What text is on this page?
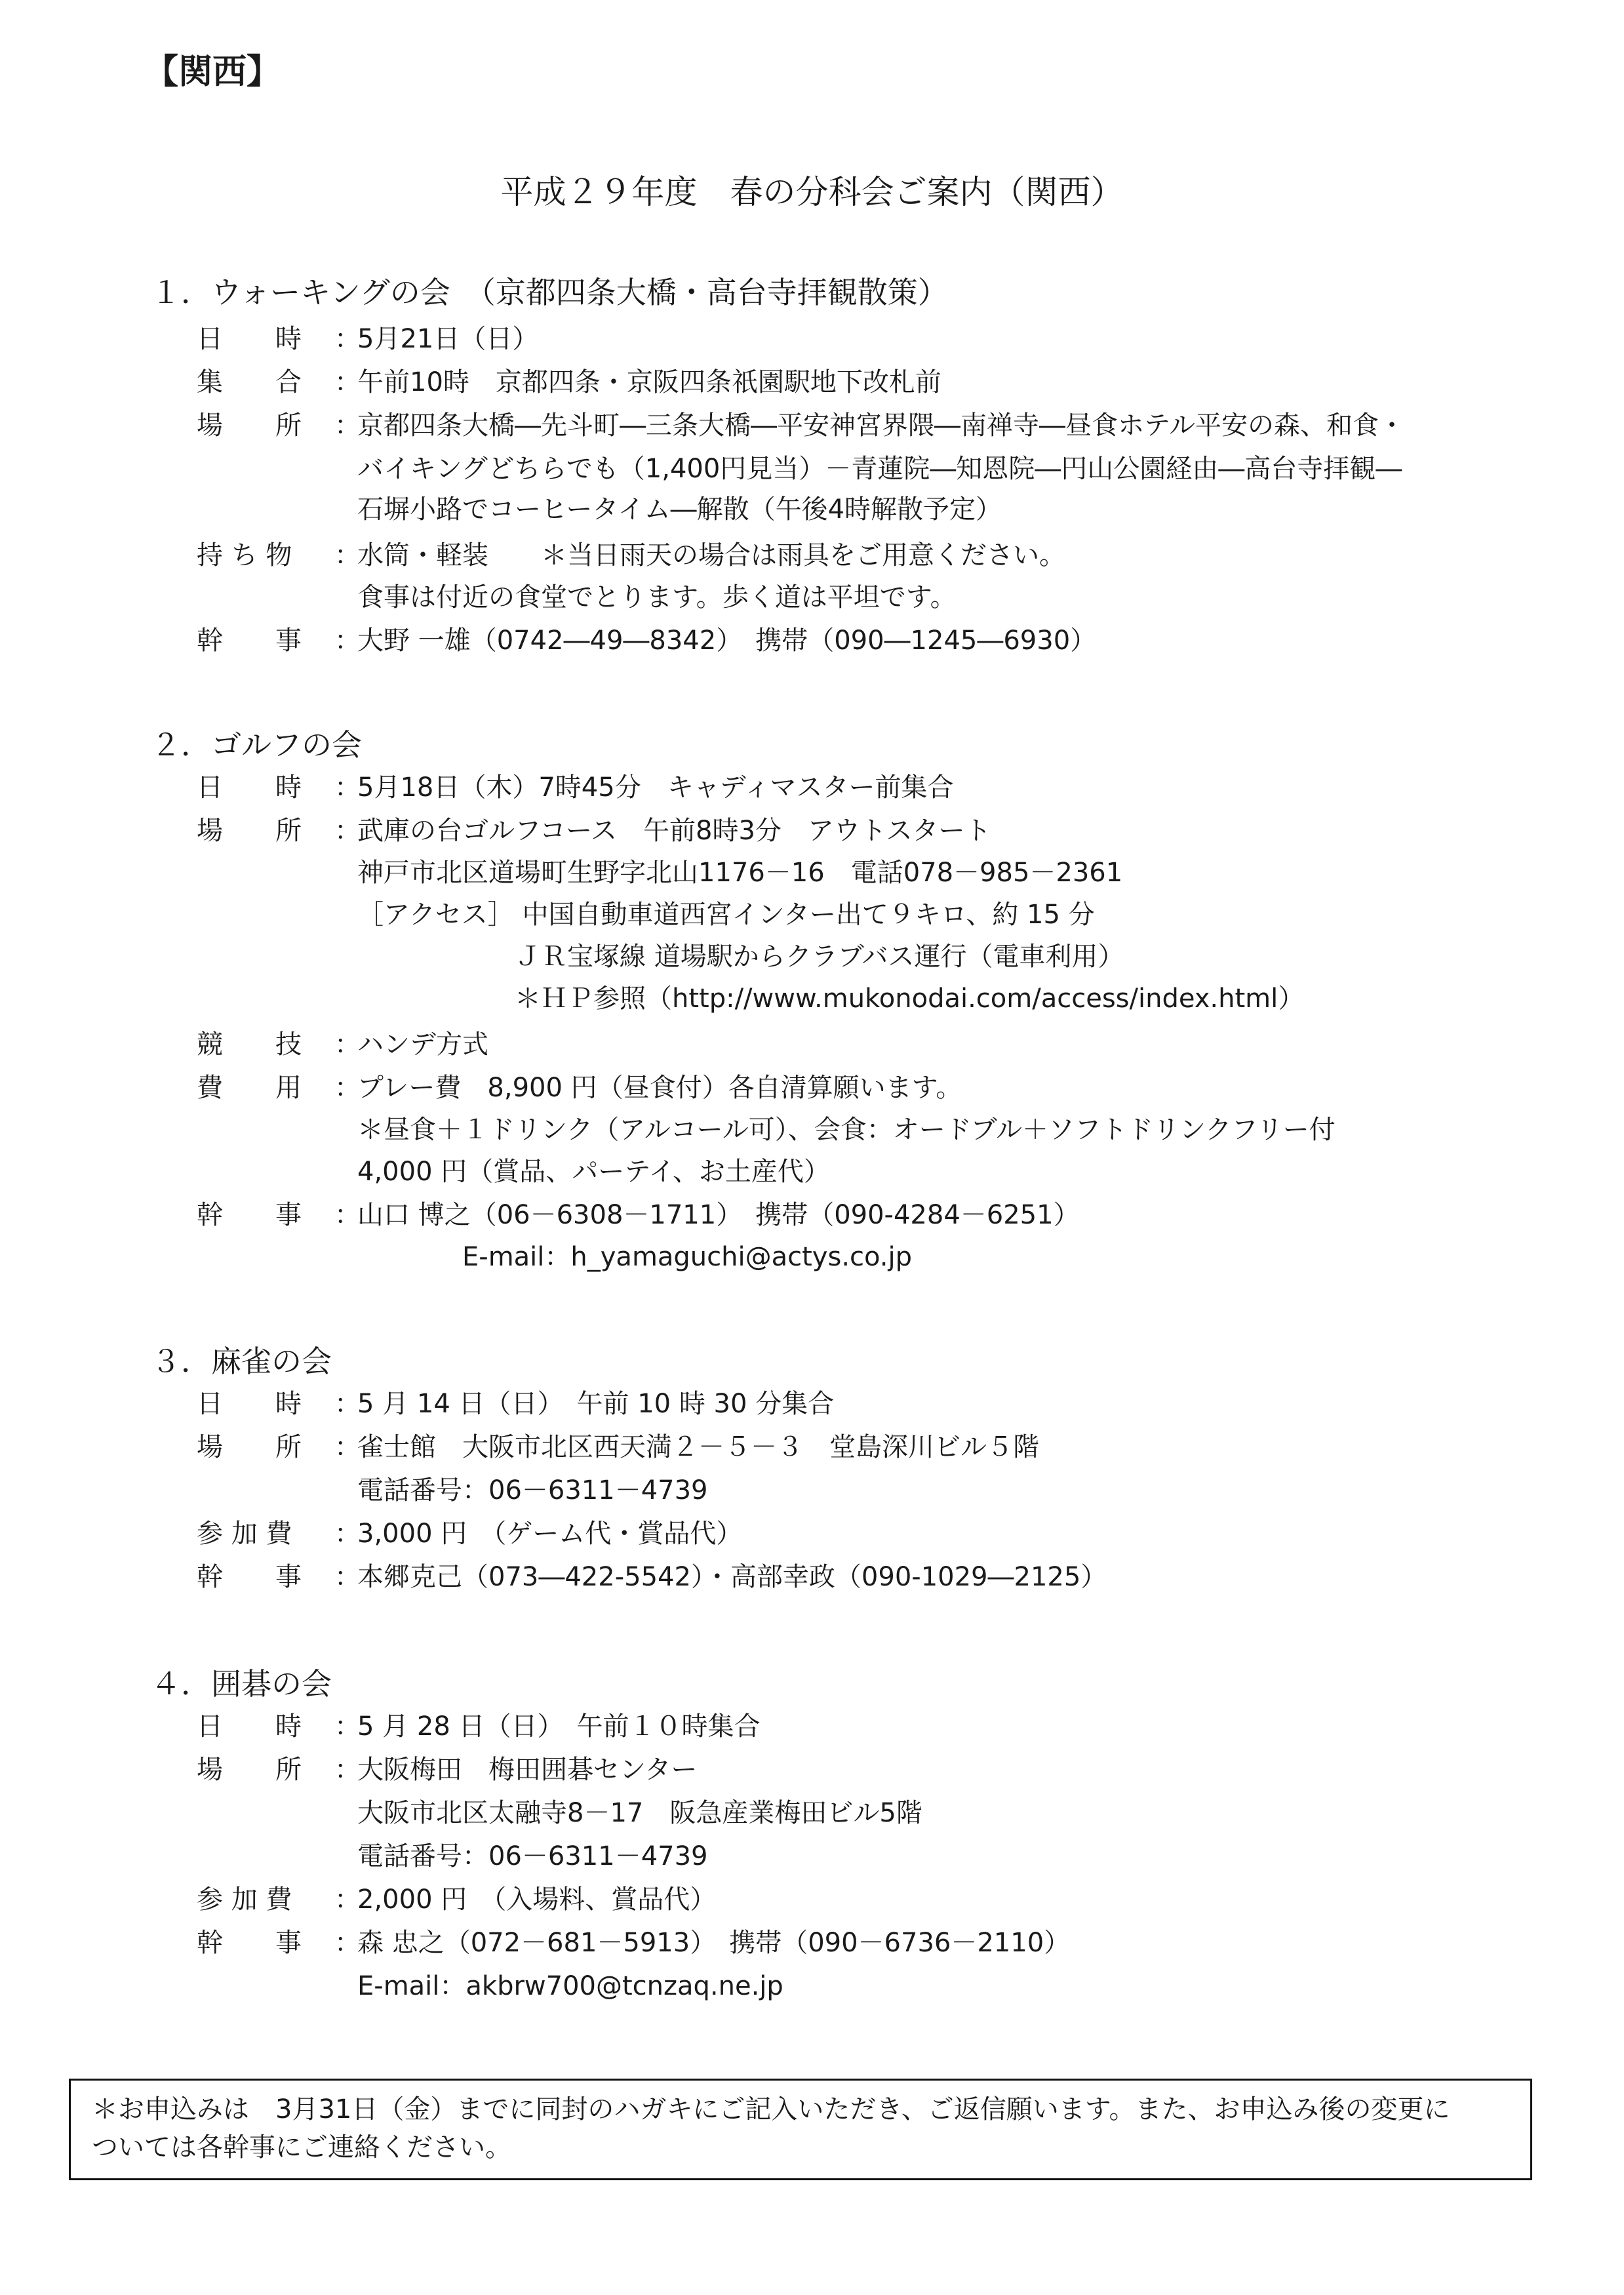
【関西】
平成２９年度　春の分科会ご案内（関西）
１．ウォーキングの会　（京都四条大橋・高台寺拝観散策）
日　　時 ：
5月21日（日）
集　　合 ：
午前10時　京都四条・京阪四条祇園駅地下改札前
場　　所 ：
京都四条大橋―先斗町―三条大橋―平安神宮界隈―南禅寺―昼食ホテル平安の森、和食・
バイキングどちらでも（1,400円見当）－青蓮院―知恩院―円山公園経由―高台寺拝観―
石塀小路でコーヒータイム―解散（午後4時解散予定）
持 ち 物 ：
水筒・軽装　　＊当日雨天の場合は雨具をご用意ください。
食事は付近の食堂でとります。歩く道は平坦です。
幹　　事 ：
大野 一雄（0742―49―8342）　携帯（090―1245―6930）
２．ゴルフの会
日　　時 ：
5月18日（木）7時45分　キャディマスター前集合
場　　所 ：
武庫の台ゴルフコース　午前8時3分　アウトスタート
神戸市北区道場町生野字北山1176－16　電話078－985－2361
［アクセス］ 中国自動車道西宮インター出て９キロ、約 15 分
　　　　　　ＪＲ宝塚線 道場駅からクラブバス運行（電車利用）
　　　　　　＊ＨＰ参照（http://www.mukonodai.com/access/index.html）
競　　技 ：
ハンデ方式
費　　用 ：
プレー費　8,900 円（昼食付）各自清算願います。
＊昼食＋１ドリンク（アルコール可）、会食：オードブル＋ソフトドリンクフリー付
4,000 円（賞品、パーテイ、お土産代）
幹　　事 ：
山口 博之（06－6308－1711）　携帯（090-4284－6251）
　　　　E-mail：h_yamaguchi@actys.co.jp
３．麻雀の会
日　　時 ：
5 月 14 日（日）　午前 10 時 30 分集合
場　　所 ：
雀士館　大阪市北区西天満２－５－３　堂島深川ビル５階
電話番号：06－6311－4739
参 加 費 ：
3,000 円　（ゲーム代・賞品代）
幹　　事 ：
本郷克己（073―422-5542）・高部幸政（090-1029―2125）
４．囲碁の会
日　　時 ：
5 月 28 日（日）　午前１０時集合
場　　所 ：
大阪梅田　梅田囲碁センター
大阪市北区太融寺8－17　阪急産業梅田ビル5階
電話番号：06－6311－4739
参 加 費 ：
2,000 円　（入場料、賞品代）
幹　　事 ：
森 忠之（072－681－5913）　携帯（090－6736－2110）
E-mail：akbrw700@tcnzaq.ne.jp
＊お申込みは　3月31日（金）までに同封のハガキにご記入いただき、ご返信願います。また、お申込み後の変更に
ついては各幹事にご連絡ください。
